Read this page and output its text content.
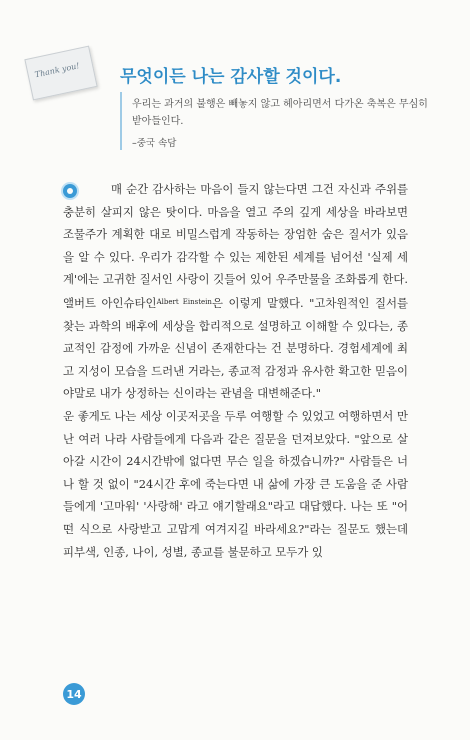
Thank you! 무엇이든 나는 감사할 것이다.

우리는 과거의 불행은 빼놓지 않고 헤아리면서 다가온 축복은 무심히 받아들인다.

–중국 속담

매 순간 감사하는 마음이 들지 않는다면 그건 자신과 주위를 충분히 살피지 않은 탓이다. 마음을 열고 주의 깊게 세상을 바라보면 조물주가 계획한 대로 비밀스럽게 작동하는 장엄한 숨은 질서가 있음을 알 수 있다. 우리가 감각할 수 있는 제한된 세계를 넘어선 '실제 세계'에는 고귀한 질서인 사랑이 깃들어 있어 우주만물을 조화롭게 한다. 앨버트 아인슈타인$^{Albert Einstein}$은 이렇게 말했다. "고차원적인 질서를 찾는 과학의 배후에 세상을 합리적으로 설명하고 이해할 수 있다는, 종교적인 감정에 가까운 신념이 존재한다는 건 분명하다. 경험세계에 최고 지성이 모습을 드러낸 거라는, 종교적 감정과 유사한 확고한 믿음이야말로 내가 상정하는 신이라는 관념을 대변해준다."

운 좋게도 나는 세상 이곳저곳을 두루 여행할 수 있었고 여행하면서 만난 여러 나라 사람들에게 다음과 같은 질문을 던져보았다. "앞으로 살아갈 시간이 24시간밖에 없다면 무슨 일을 하겠습니까?" 사람들은 너 나 할 것 없이 "24시간 후에 죽는다면 내 삶에 가장 큰 도움을 준 사람들에게 '고마워' '사랑해' 라고 얘기할래요"라고 대답했다. 나는 또 "어떤 식으로 사랑받고 고맙게 여겨지길 바라세요?"라는 질문도 했는데 피부색, 인종, 나이, 성별, 종교를 불문하고 모두가 있

14
